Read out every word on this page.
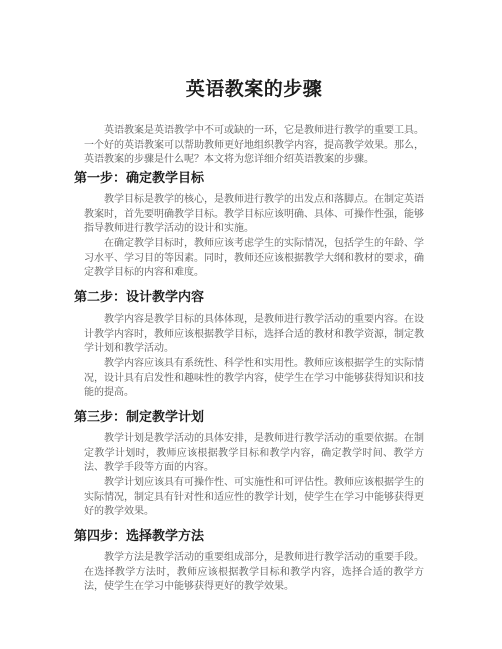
英语教案的步骤

英语教案是英语教学中不可或缺的一环，它是教师进行教学的重要工具。一个好的英语教案可以帮助教师更好地组织教学内容，提高教学效果。那么，英语教案的步骤是什么呢？本文将为您详细介绍英语教案的步骤。

第一步：确定教学目标

教学目标是教学的核心，是教师进行教学的出发点和落脚点。在制定英语教案时，首先要明确教学目标。教学目标应该明确、具体、可操作性强，能够指导教师进行教学活动的设计和实施。

在确定教学目标时，教师应该考虑学生的实际情况，包括学生的年龄、学习水平、学习目的等因素。同时，教师还应该根据教学大纲和教材的要求，确定教学目标的内容和难度。

第二步：设计教学内容

教学内容是教学目标的具体体现，是教师进行教学活动的重要内容。在设计教学内容时，教师应该根据教学目标，选择合适的教材和教学资源，制定教学计划和教学活动。

教学内容应该具有系统性、科学性和实用性。教师应该根据学生的实际情况，设计具有启发性和趣味性的教学内容，使学生在学习中能够获得知识和技能的提高。

第三步：制定教学计划

教学计划是教学活动的具体安排，是教师进行教学活动的重要依据。在制定教学计划时，教师应该根据教学目标和教学内容，确定教学时间、教学方法、教学手段等方面的内容。

教学计划应该具有可操作性、可实施性和可评估性。教师应该根据学生的实际情况，制定具有针对性和适应性的教学计划，使学生在学习中能够获得更好的教学效果。

第四步：选择教学方法

教学方法是教学活动的重要组成部分，是教师进行教学活动的重要手段。在选择教学方法时，教师应该根据教学目标和教学内容，选择合适的教学方法，使学生在学习中能够获得更好的教学效果。
